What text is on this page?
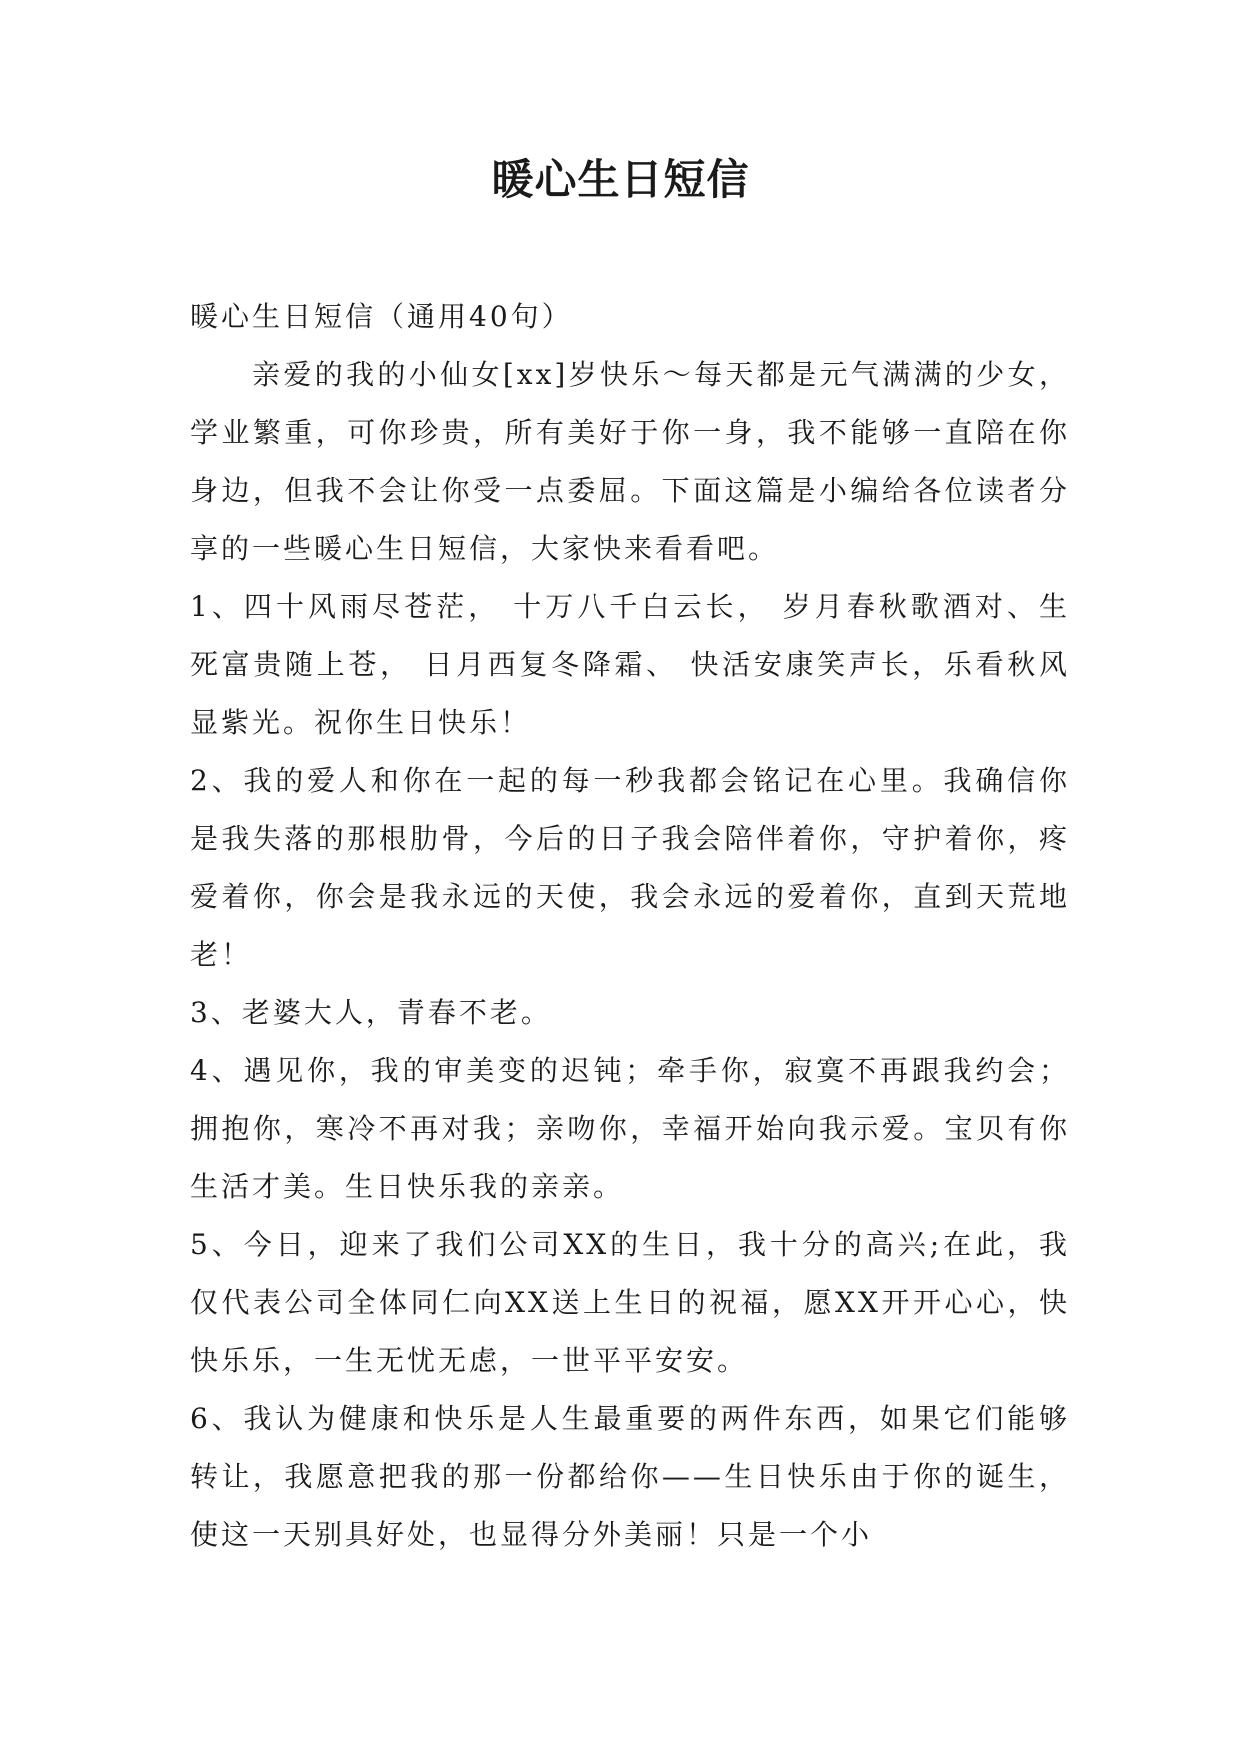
暖心生日短信

暖心生日短信（通用40句）

亲爱的我的小仙女[xx]岁快乐～每天都是元气满满的少女，学业繁重，可你珍贵，所有美好于你一身，我不能够一直陪在你身边，但我不会让你受一点委屈。下面这篇是小编给各位读者分享的一些暖心生日短信，大家快来看看吧。

1、四十风雨尽苍茫， 十万八千白云长， 岁月春秋歌酒对、生死富贵随上苍， 日月西复冬降霜、 快活安康笑声长，乐看秋风显紫光。祝你生日快乐！

2、我的爱人和你在一起的每一秒我都会铭记在心里。我确信你是我失落的那根肋骨，今后的日子我会陪伴着你，守护着你，疼爱着你，你会是我永远的天使，我会永远的爱着你，直到天荒地老！

3、老婆大人，青春不老。

4、遇见你，我的审美变的迟钝；牵手你，寂寞不再跟我约会；拥抱你，寒冷不再对我；亲吻你，幸福开始向我示爱。宝贝有你生活才美。生日快乐我的亲亲。

5、今日，迎来了我们公司XX的生日，我十分的高兴;在此，我仅代表公司全体同仁向XX送上生日的祝福，愿XX开开心心，快快乐乐，一生无忧无虑，一世平平安安。

6、我认为健康和快乐是人生最重要的两件东西，如果它们能够转让，我愿意把我的那一份都给你——生日快乐由于你的诞生，使这一天别具好处，也显得分外美丽！只是一个小
